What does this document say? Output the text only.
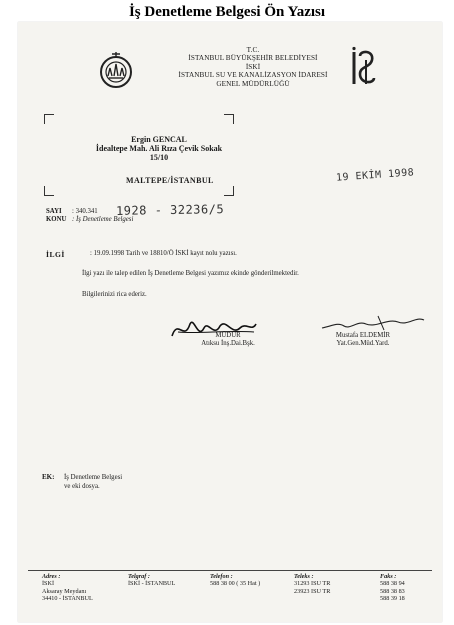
İş Denetleme Belgesi Ön Yazısı
T.C.
İSTANBUL BÜYÜKŞEHİR BELEDİYESİ
İSKİ
İSTANBUL SU VE KANALİZASYON İDARESİ
GENEL MÜDÜRLÜĞÜ
Ergin GENCAL
İdealtepe Mah. Ali Rıza Çevik Sokak
15/10
MALTEPE/İSTANBUL	19 EKİM 1998
SAYI : 340.341
KONU : İş Denetleme Belgesi
1928 - 32236/5
İLGİ	: 19.09.1998 Tarih ve 18810/Ö İSKİ kayıt nolu yazısı.
İlgi yazı ile talep edilen İş Denetleme Belgesi yazımız ekinde gönderilmektedir.
Bilgilerinizi rica ederiz.
MÜDÜR
Atıksu İnş.Dai.Bşk.
Mustafa ELDEMİR
Yat.Gen.Müd.Yard.
EK: İş Denetleme Belgesi
ve eki dosya.
Adres :
İSKİ
Aksaray Meydanı
34410 - İSTANBUL
Telgraf :
İSKİ - İSTANBUL
Telefon :
588 38 00 ( 35 Hat )
Teleks :
31293 ISU TR
23923 ISU TR
Faks :
588 38 94
588 38 83
588 39 18
